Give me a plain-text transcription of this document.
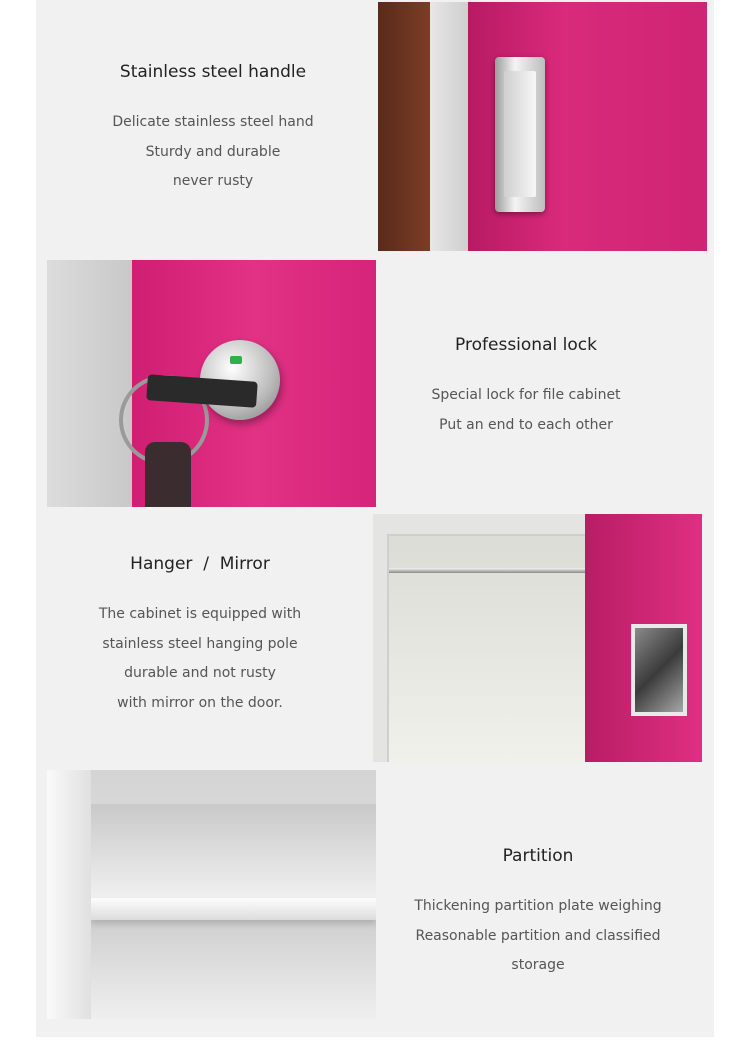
Stainless steel handle
Delicate stainless steel hand
Sturdy and durable
never rusty
Professional lock
Special lock for file cabinet
Put an end to each other
Hanger  /  Mirror
The cabinet is equipped with
stainless steel hanging pole
durable and not rusty
with mirror on the door.
Partition
Thickening partition plate weighing
Reasonable partition and classified storage
